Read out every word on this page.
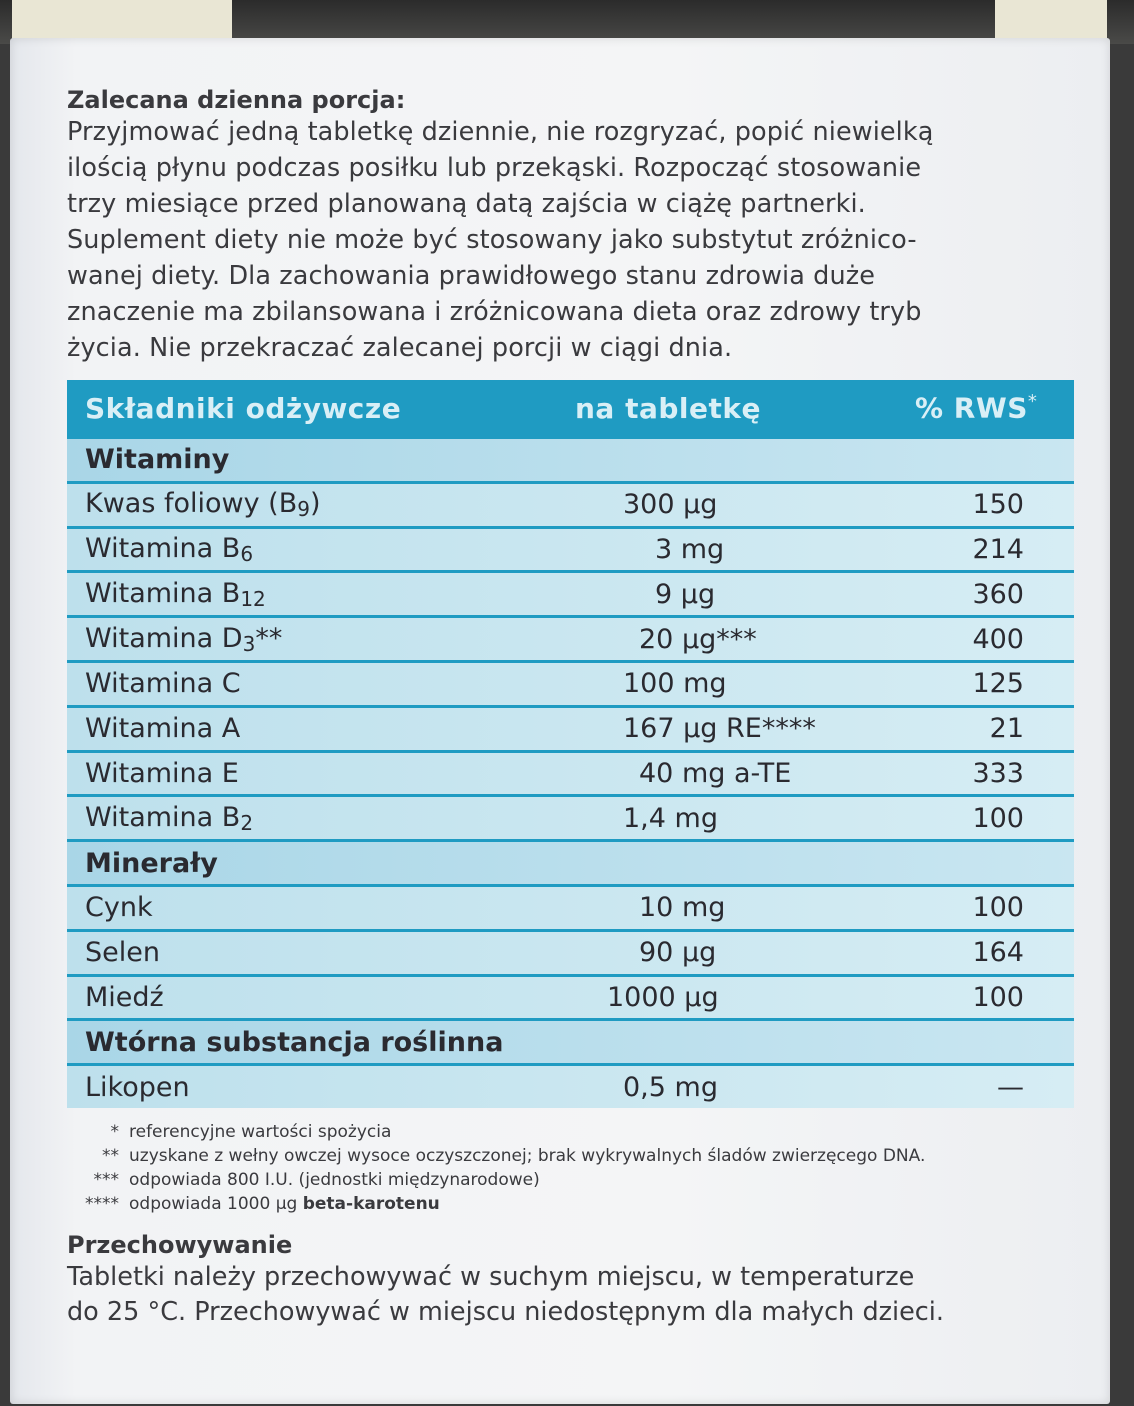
Zalecana dzienna porcja:

Przyjmować jedną tabletkę dziennie, nie rozgryzać, popić niewielką
ilością płynu podczas posiłku lub przekąski. Rozpocząć stosowanie
trzy miesiące przed planowaną datą zajścia w ciążę partnerki.
Suplement diety nie może być stosowany jako substytut zróżnico-
wanej diety. Dla zachowania prawidłowego stanu zdrowia duże
znaczenie ma zbilansowana i zróżnicowana dieta oraz zdrowy tryb
życia. Nie przekraczać zalecanej porcji w ciągi dnia.

Składniki odżywcze	na tabletkę	% RWS*
Witaminy
Kwas foliowy (B9)	300 µg	150
Witamina B6	3 mg	214
Witamina B12	9 µg	360
Witamina D3**	20 µg***	400
Witamina C	100 mg	125
Witamina A	167 µg RE****	21
Witamina E	40 mg a-TE	333
Witamina B2	1,4 mg	100
Minerały
Cynk	10 mg	100
Selen	90 µg	164
Miedź	1000 µg	100
Wtórna substancja roślinna
Likopen	0,5 mg	—
* referencyjne wartości spożycia
** uzyskane z wełny owczej wysoce oczyszczonej; brak wykrywalnych śladów zwierzęcego DNA.
*** odpowiada 800 I.U. (jednostki międzynarodowe)
**** odpowiada 1000 µg beta-karotenu
Przechowywanie
Tabletki należy przechowywać w suchym miejscu, w temperaturze
do 25 °C. Przechowywać w miejscu niedostępnym dla małych dzieci.
